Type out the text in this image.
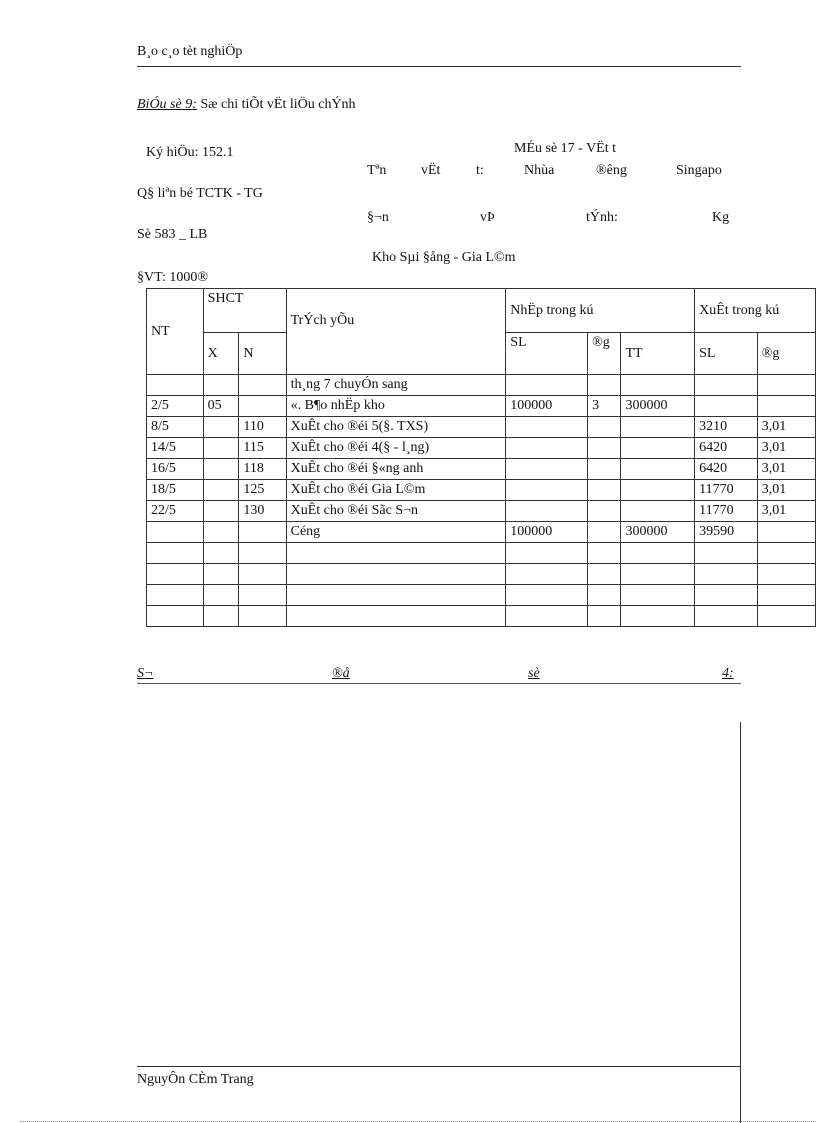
B¸o c¸o tèt nghiÖp
BiÓu sè 9: Sæ chi tiÕt vËt liÖu chÝnh
Ký hiÖu: 152.1
Q§ liªn bé TCTK - TG
Sè 583 _ LB
§VT: 1000®
MÉu sè 17 - VËt t
Tªn vËt	t:	Nhùa	®êng	Singapo
§¬n	vÞ	tÝnh:	Kg
Kho Sµi §ång - Gia L©m
NT	SHCT		TrÝch yÕu	NhËp trong kú			XuÊt trong kú	
	X	N		SL	®g	TT	SL	®g
			th¸ng 7 chuyÓn sang					
2/5	05		«. B¶o nhËp kho	100000	3	300000		
8/5		110	XuÊt cho ®éi 5(§. TXS)				3210	3,01
14/5		115	XuÊt cho ®éi 4(§ - l¸ng)				6420	3,01
16/5		118	XuÊt cho ®éi §«ng anh				6420	3,01
18/5		125	XuÊt cho ®éi Gia L©m				11770	3,01
22/5		130	XuÊt cho ®éi Sãc S¬n				11770	3,01
			Céng	100000		300000	39590	

S¬	®å	sè	4:
NguyÔn CÈm Trang
